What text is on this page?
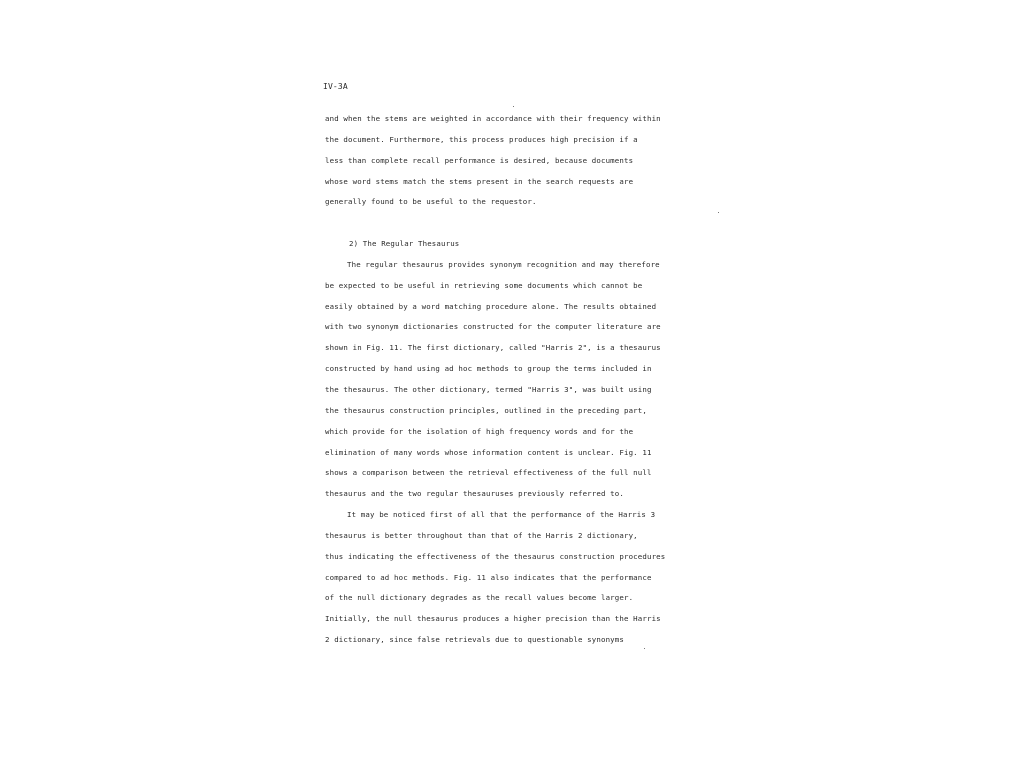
IV-3A
and when the stems are weighted in accordance with their frequency within
the document. Furthermore, this process produces high precision if a
less than complete recall performance is desired, because documents
whose word stems match the stems present in the search requests are
generally found to be useful to the requestor.
2) The Regular Thesaurus
The regular thesaurus provides synonym recognition and may therefore
be expected to be useful in retrieving some documents which cannot be
easily obtained by a word matching procedure alone. The results obtained
with two synonym dictionaries constructed for the computer literature are
shown in Fig. 11. The first dictionary, called "Harris 2", is a thesaurus
constructed by hand using ad hoc methods to group the terms included in
the thesaurus. The other dictionary, termed "Harris 3", was built using
the thesaurus construction principles, outlined in the preceding part,
which provide for the isolation of high frequency words and for the
elimination of many words whose information content is unclear. Fig. 11
shows a comparison between the retrieval effectiveness of the full null
thesaurus and the two regular thesauruses previously referred to.
It may be noticed first of all that the performance of the Harris 3
thesaurus is better throughout than that of the Harris 2 dictionary,
thus indicating the effectiveness of the thesaurus construction procedures
compared to ad hoc methods. Fig. 11 also indicates that the performance
of the null dictionary degrades as the recall values become larger.
Initially, the null thesaurus produces a higher precision than the Harris
2 dictionary, since false retrievals due to questionable synonyms
